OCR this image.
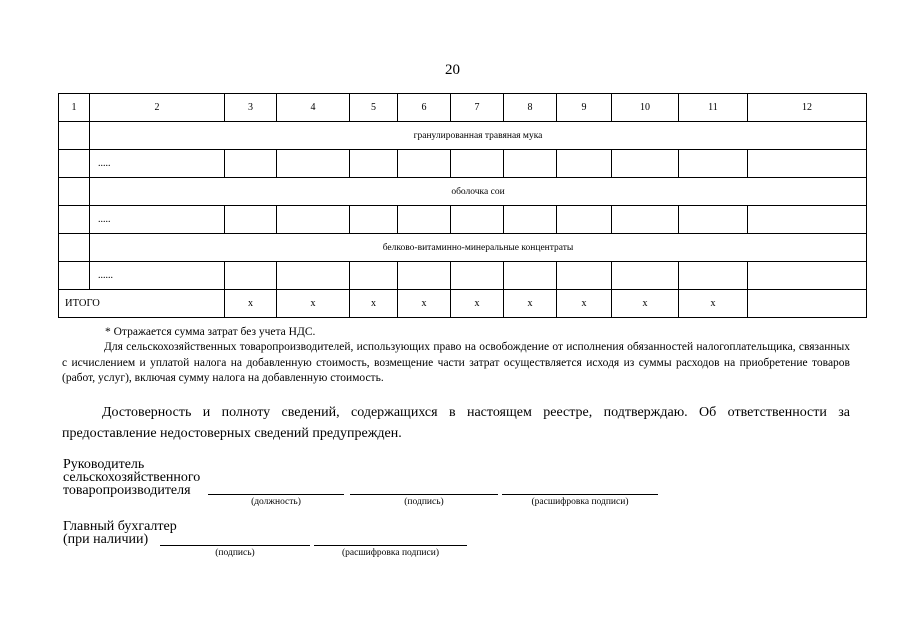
20
1	2	3	4	5	6	7	8	9	10	11	12
	гранулированная травяная мука										
	.....										
	оболочка сои										
	.....										
	белково-витаминно-минеральные концентраты										
	......										
ИТОГО		х	х	х	х	х	х	х	х	х	
* Отражается сумма затрат без учета НДС.

Для сельскохозяйственных товаропроизводителей, использующих право на освобождение от исполнения обязанностей налогоплательщика, связанных с исчислением и уплатой налога на добавленную стоимость, возмещение части затрат осуществляется исходя из суммы расходов на приобретение товаров (работ, услуг), включая сумму налога на добавленную стоимость.

Достоверность и полноту сведений, содержащихся в настоящем реестре, подтверждаю. Об ответственности за предоставление недостоверных сведений предупрежден.

Руководитель
сельскохозяйственного
товаропроизводителя
(должность)	(подпись)	(расшифровка подписи)
Главный бухгалтер
(при наличии)
(подпись)	(расшифровка подписи)
